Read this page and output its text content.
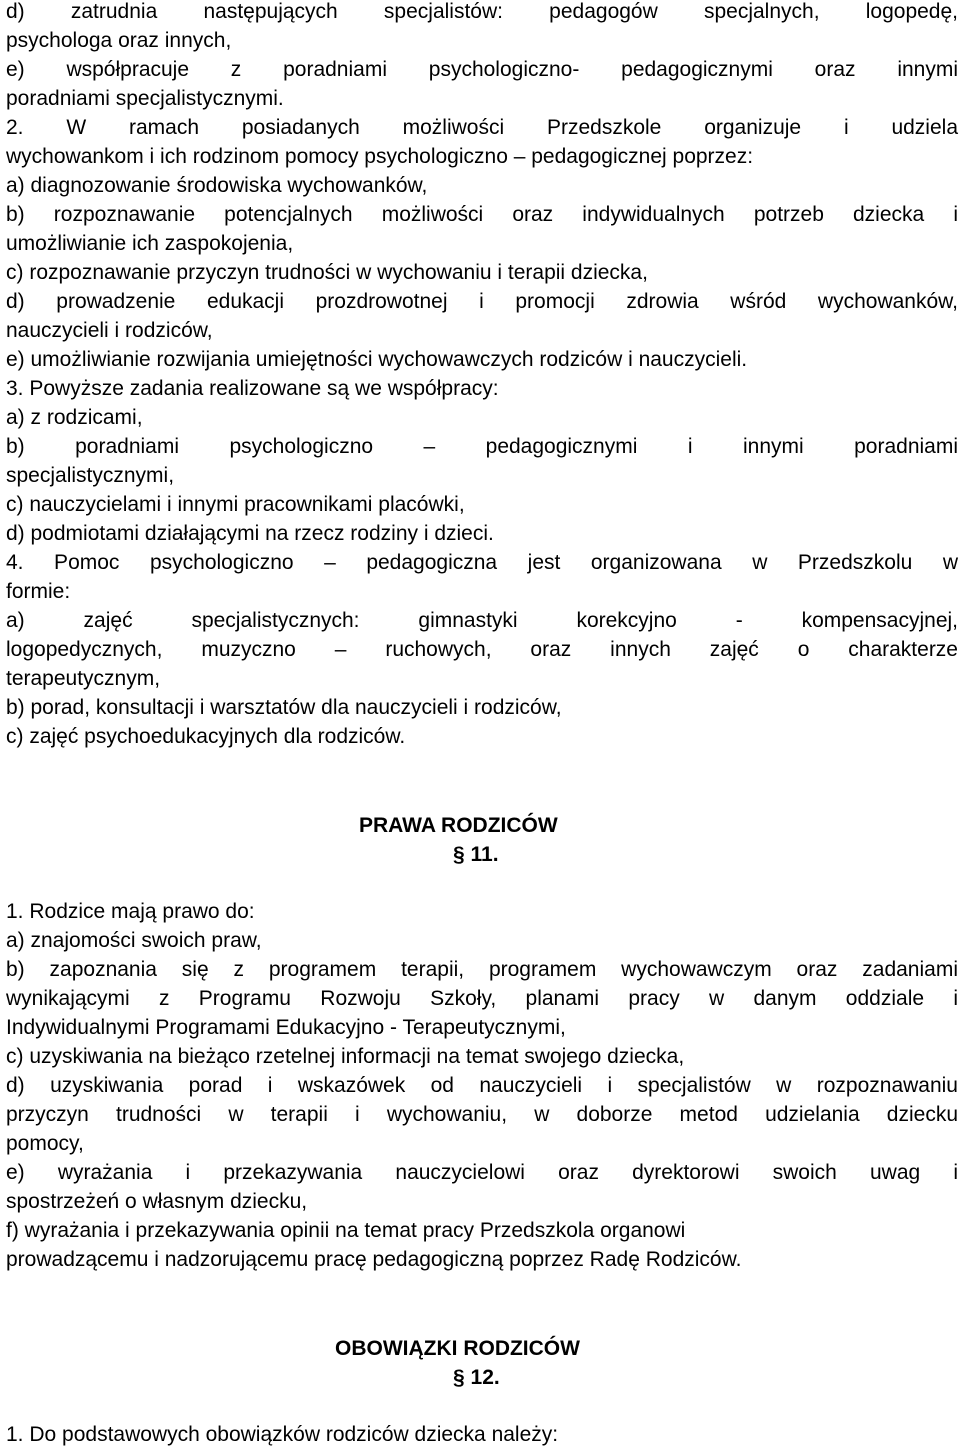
d) zatrudnia następujących specjalistów: pedagogów specjalnych, logopedę,
psychologa oraz innych,
e) współpracuje z poradniami psychologiczno- pedagogicznymi oraz innymi
poradniami specjalistycznymi.
2. W ramach posiadanych możliwości Przedszkole organizuje i udziela
wychowankom i ich rodzinom pomocy psychologiczno – pedagogicznej poprzez:
a) diagnozowanie środowiska wychowanków,
b) rozpoznawanie potencjalnych możliwości oraz indywidualnych potrzeb dziecka i
umożliwianie ich zaspokojenia,
c) rozpoznawanie przyczyn trudności w wychowaniu i terapii dziecka,
d) prowadzenie edukacji prozdrowotnej i promocji zdrowia wśród wychowanków,
nauczycieli i rodziców,
e) umożliwianie rozwijania umiejętności wychowawczych rodziców i nauczycieli.
3. Powyższe zadania realizowane są we współpracy:
a) z rodzicami,
b) poradniami psychologiczno – pedagogicznymi i innymi poradniami
specjalistycznymi,
c) nauczycielami i innymi pracownikami placówki,
d) podmiotami działającymi na rzecz rodziny i dzieci.
4. Pomoc psychologiczno – pedagogiczna jest organizowana w Przedszkolu w
formie:
a) zajęć specjalistycznych: gimnastyki korekcyjno - kompensacyjnej,
logopedycznych, muzyczno – ruchowych, oraz innych zajęć o charakterze
terapeutycznym,
b) porad, konsultacji i warsztatów dla nauczycieli i rodziców,
c) zajęć psychoedukacyjnych dla rodziców.
PRAWA RODZICÓW
§ 11.
1. Rodzice mają prawo do:
a) znajomości swoich praw,
b) zapoznania się z programem terapii, programem wychowawczym oraz zadaniami
wynikającymi z Programu Rozwoju Szkoły, planami pracy w danym oddziale i
Indywidualnymi Programami Edukacyjno - Terapeutycznymi,
c) uzyskiwania na bieżąco rzetelnej informacji na temat swojego dziecka,
d) uzyskiwania porad i wskazówek od nauczycieli i specjalistów w rozpoznawaniu
przyczyn trudności w terapii i wychowaniu, w doborze metod udzielania dziecku
pomocy,
e) wyrażania i przekazywania nauczycielowi oraz dyrektorowi swoich uwag i
spostrzeżeń o własnym dziecku,
f) wyrażania i przekazywania opinii na temat pracy Przedszkola organowi
prowadzącemu i nadzorującemu pracę pedagogiczną poprzez Radę Rodziców.
OBOWIĄZKI RODZICÓW
§ 12.
1. Do podstawowych obowiązków rodziców dziecka należy:
